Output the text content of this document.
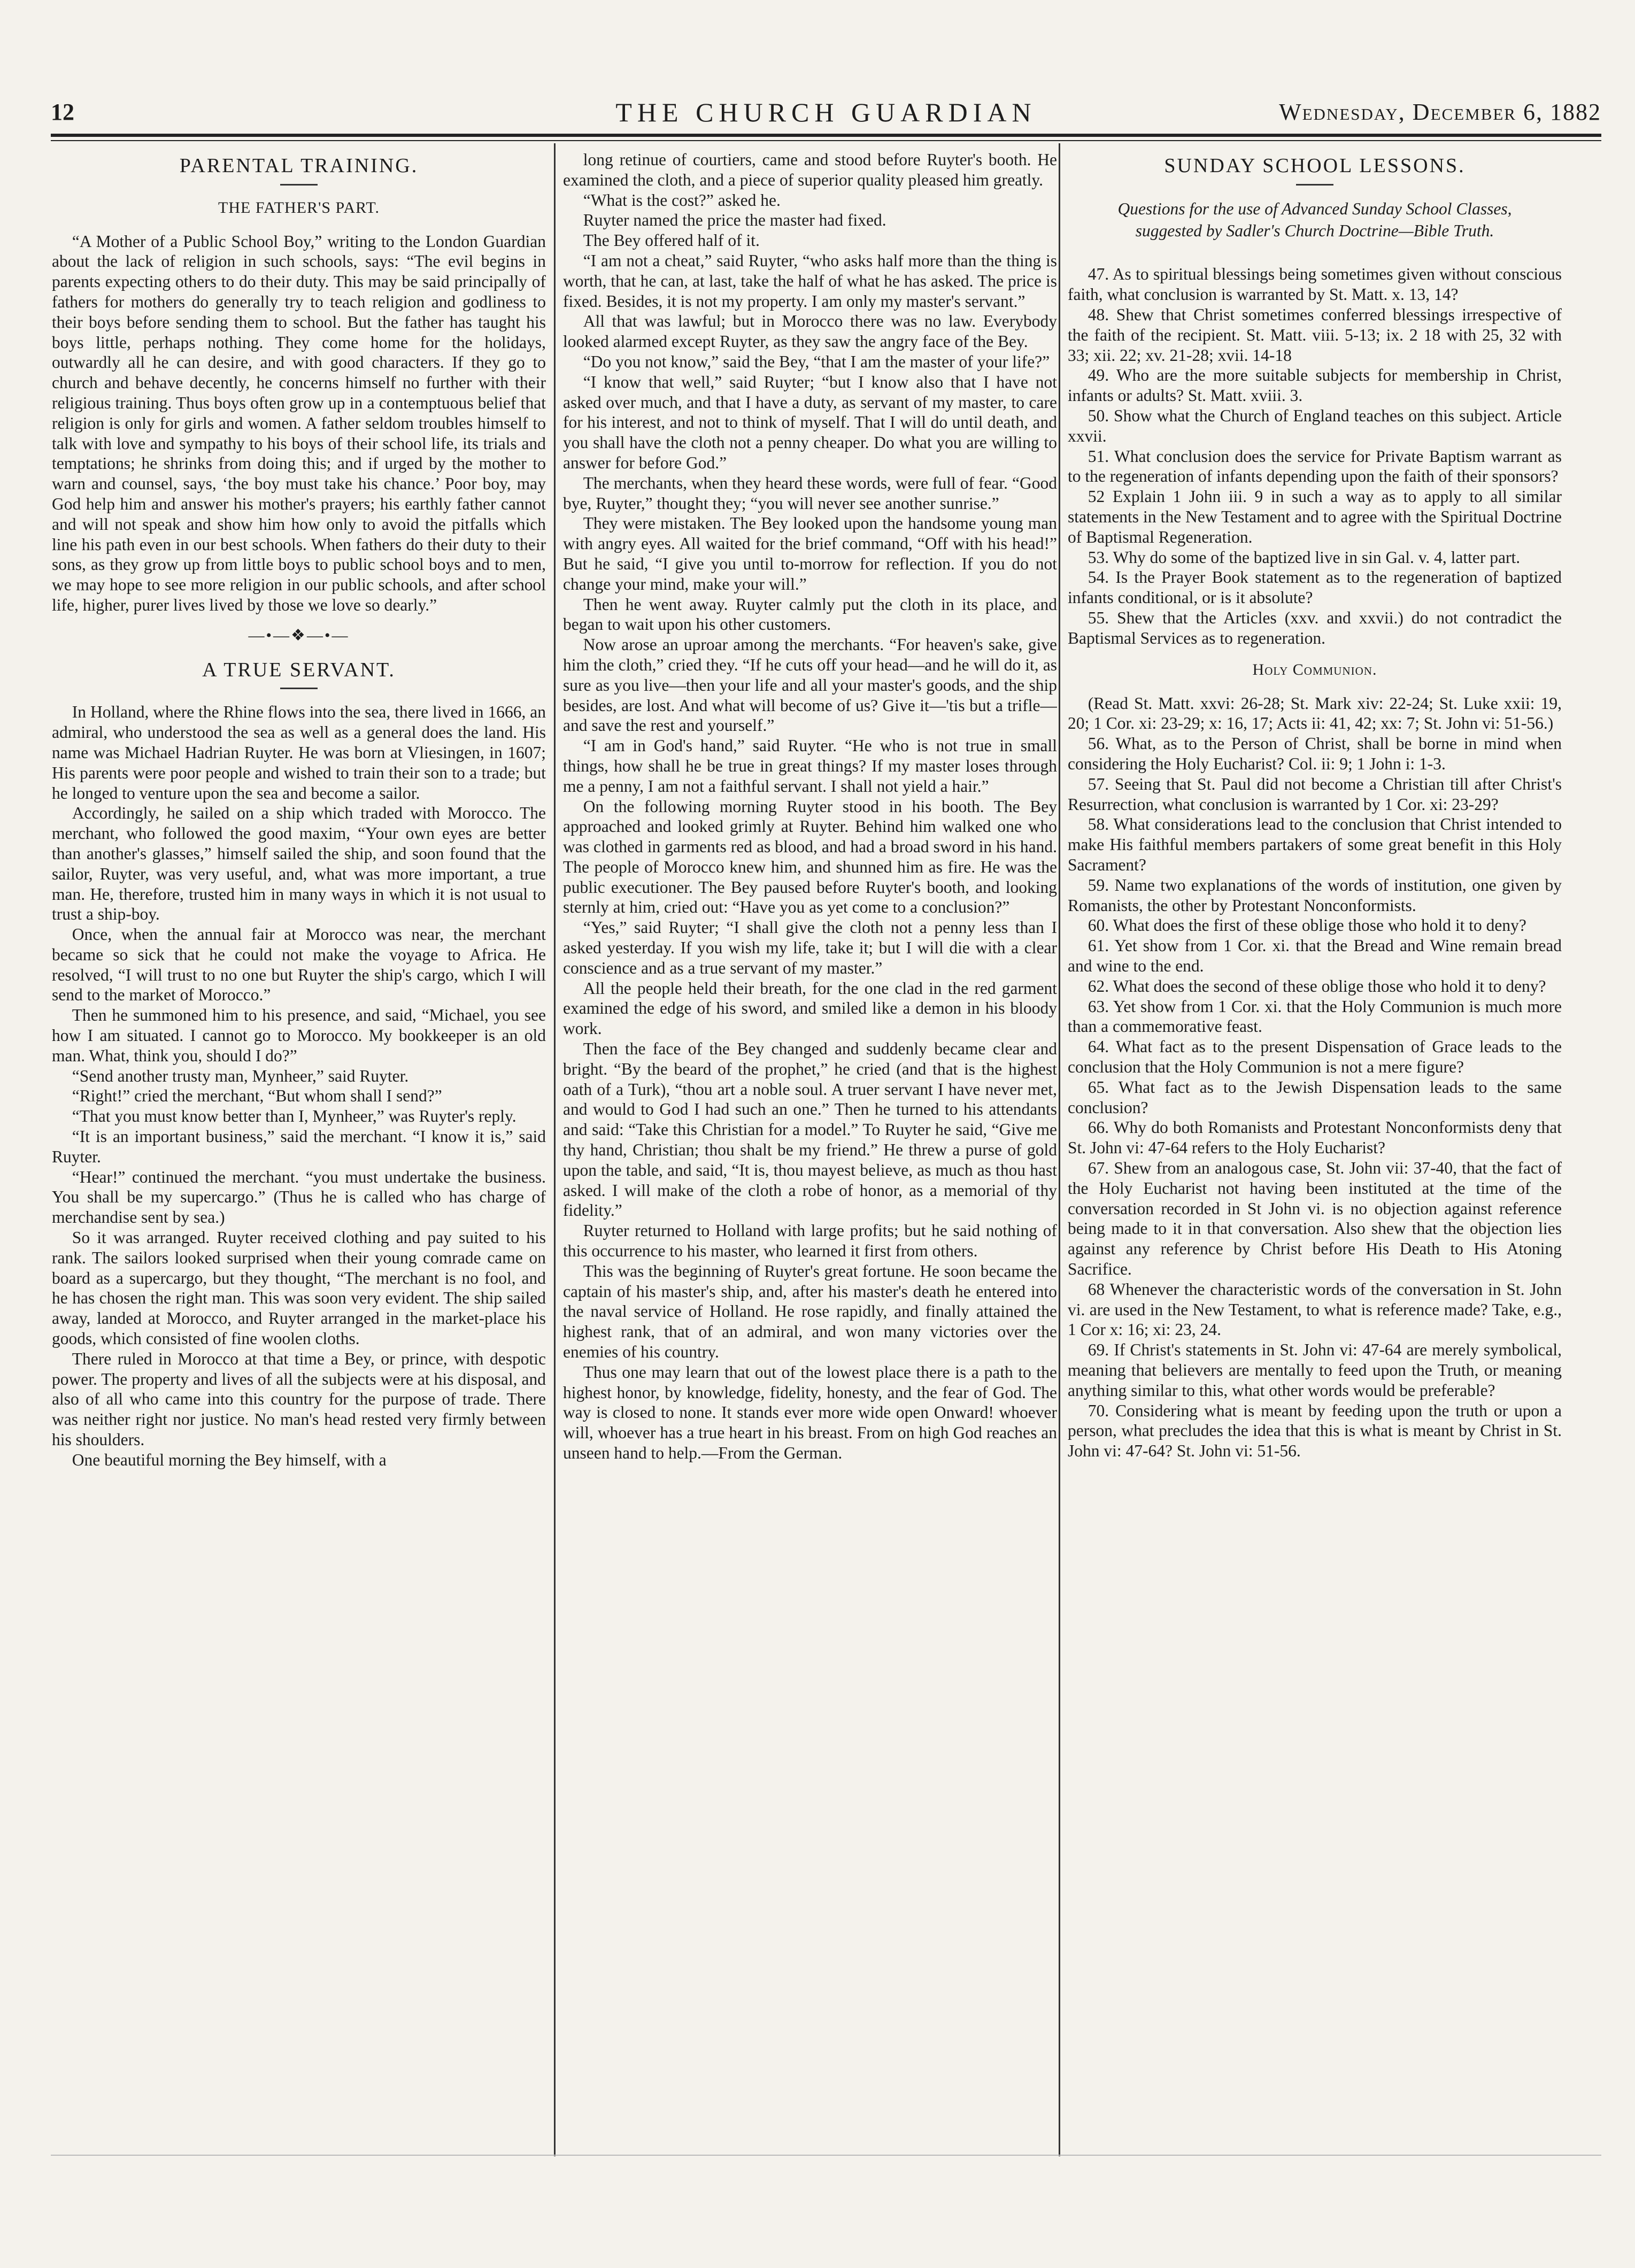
12	THE CHURCH GUARDIAN	Wednesday, December 6, 1882
PARENTAL TRAINING.
THE FATHER'S PART.

“A Mother of a Public School Boy,” writing to the London Guardian about the lack of religion in such schools, says: “The evil begins in parents expecting others to do their duty. This may be said principally of fathers for mothers do generally try to teach religion and godliness to their boys before sending them to school. But the father has taught his boys little, perhaps nothing. They come home for the holidays, outwardly all he can desire, and with good characters. If they go to church and behave decently, he concerns himself no further with their religious training. Thus boys often grow up in a contemptuous belief that religion is only for girls and women. A father seldom troubles himself to talk with love and sympathy to his boys of their school life, its trials and temptations; he shrinks from doing this; and if urged by the mother to warn and counsel, says, ‘the boy must take his chance.’ Poor boy, may God help him and answer his mother's prayers; his earthly father cannot and will not speak and show him how only to avoid the pitfalls which line his path even in our best schools. When fathers do their duty to their sons, as they grow up from little boys to public school boys and to men, we may hope to see more religion in our public schools, and after school life, higher, purer lives lived by those we love so dearly.”

—•—❖—•—
A TRUE SERVANT.

In Holland, where the Rhine flows into the sea, there lived in 1666, an admiral, who understood the sea as well as a general does the land. His name was Michael Hadrian Ruyter. He was born at Vliesingen, in 1607; His parents were poor people and wished to train their son to a trade; but he longed to venture upon the sea and become a sailor.

Accordingly, he sailed on a ship which traded with Morocco. The merchant, who followed the good maxim, “Your own eyes are better than another's glasses,” himself sailed the ship, and soon found that the sailor, Ruyter, was very useful, and, what was more important, a true man. He, therefore, trusted him in many ways in which it is not usual to trust a ship-boy.

Once, when the annual fair at Morocco was near, the merchant became so sick that he could not make the voyage to Africa. He resolved, “I will trust to no one but Ruyter the ship's cargo, which I will send to the market of Morocco.”

Then he summoned him to his presence, and said, “Michael, you see how I am situated. I cannot go to Morocco. My bookkeeper is an old man. What, think you, should I do?”

“Send another trusty man, Mynheer,” said Ruyter.

“Right!” cried the merchant, “But whom shall I send?”

“That you must know better than I, Mynheer,” was Ruyter's reply.

“It is an important business,” said the merchant. “I know it is,” said Ruyter.

“Hear!” continued the merchant. “you must undertake the business. You shall be my supercargo.” (Thus he is called who has charge of merchandise sent by sea.)

So it was arranged. Ruyter received clothing and pay suited to his rank. The sailors looked surprised when their young comrade came on board as a supercargo, but they thought, “The merchant is no fool, and he has chosen the right man. This was soon very evident. The ship sailed away, landed at Morocco, and Ruyter arranged in the market-place his goods, which consisted of fine woolen cloths.

There ruled in Morocco at that time a Bey, or prince, with despotic power. The property and lives of all the subjects were at his disposal, and also of all who came into this country for the purpose of trade. There was neither right nor justice. No man's head rested very firmly between his shoulders.

One beautiful morning the Bey himself, with a

long retinue of courtiers, came and stood before Ruyter's booth. He examined the cloth, and a piece of superior quality pleased him greatly.

“What is the cost?” asked he.

Ruyter named the price the master had fixed.

The Bey offered half of it.

“I am not a cheat,” said Ruyter, “who asks half more than the thing is worth, that he can, at last, take the half of what he has asked. The price is fixed. Besides, it is not my property. I am only my master's servant.”

All that was lawful; but in Morocco there was no law. Everybody looked alarmed except Ruyter, as they saw the angry face of the Bey.

“Do you not know,” said the Bey, “that I am the master of your life?”

“I know that well,” said Ruyter; “but I know also that I have not asked over much, and that I have a duty, as servant of my master, to care for his interest, and not to think of myself. That I will do until death, and you shall have the cloth not a penny cheaper. Do what you are willing to answer for before God.”

The merchants, when they heard these words, were full of fear. “Good bye, Ruyter,” thought they; “you will never see another sunrise.”

They were mistaken. The Bey looked upon the handsome young man with angry eyes. All waited for the brief command, “Off with his head!” But he said, “I give you until to-morrow for reflection. If you do not change your mind, make your will.”

Then he went away. Ruyter calmly put the cloth in its place, and began to wait upon his other customers.

Now arose an uproar among the merchants. “For heaven's sake, give him the cloth,” cried they. “If he cuts off your head—and he will do it, as sure as you live—then your life and all your master's goods, and the ship besides, are lost. And what will become of us? Give it—'tis but a trifle—and save the rest and yourself.”

“I am in God's hand,” said Ruyter. “He who is not true in small things, how shall he be true in great things? If my master loses through me a penny, I am not a faithful servant. I shall not yield a hair.”

On the following morning Ruyter stood in his booth. The Bey approached and looked grimly at Ruyter. Behind him walked one who was clothed in garments red as blood, and had a broad sword in his hand. The people of Morocco knew him, and shunned him as fire. He was the public executioner. The Bey paused before Ruyter's booth, and looking sternly at him, cried out: “Have you as yet come to a conclusion?”

“Yes,” said Ruyter; “I shall give the cloth not a penny less than I asked yesterday. If you wish my life, take it; but I will die with a clear conscience and as a true servant of my master.”

All the people held their breath, for the one clad in the red garment examined the edge of his sword, and smiled like a demon in his bloody work.

Then the face of the Bey changed and suddenly became clear and bright. “By the beard of the prophet,” he cried (and that is the highest oath of a Turk), “thou art a noble soul. A truer servant I have never met, and would to God I had such an one.” Then he turned to his attendants and said: “Take this Christian for a model.” To Ruyter he said, “Give me thy hand, Christian; thou shalt be my friend.” He threw a purse of gold upon the table, and said, “It is, thou mayest believe, as much as thou hast asked. I will make of the cloth a robe of honor, as a memorial of thy fidelity.”

Ruyter returned to Holland with large profits; but he said nothing of this occurrence to his master, who learned it first from others.

This was the beginning of Ruyter's great fortune. He soon became the captain of his master's ship, and, after his master's death he entered into the naval service of Holland. He rose rapidly, and finally attained the highest rank, that of an admiral, and won many victories over the enemies of his country.

Thus one may learn that out of the lowest place there is a path to the highest honor, by knowledge, fidelity, honesty, and the fear of God. The way is closed to none. It stands ever more wide open Onward! whoever will, whoever has a true heart in his breast. From on high God reaches an unseen hand to help.—From the German.

SUNDAY SCHOOL LESSONS.
Questions for the use of Advanced Sunday School Classes, suggested by Sadler's Church Doctrine—Bible Truth.

47. As to spiritual blessings being sometimes given without conscious faith, what conclusion is warranted by St. Matt. x. 13, 14?

48. Shew that Christ sometimes conferred blessings irrespective of the faith of the recipient. St. Matt. viii. 5-13; ix. 2 18 with 25, 32 with 33; xii. 22; xv. 21-28; xvii. 14-18

49. Who are the more suitable subjects for membership in Christ, infants or adults? St. Matt. xviii. 3.

50. Show what the Church of England teaches on this subject. Article xxvii.

51. What conclusion does the service for Private Baptism warrant as to the regeneration of infants depending upon the faith of their sponsors?

52 Explain 1 John iii. 9 in such a way as to apply to all similar statements in the New Testament and to agree with the Spiritual Doctrine of Baptismal Regeneration.

53. Why do some of the baptized live in sin Gal. v. 4, latter part.

54. Is the Prayer Book statement as to the regeneration of baptized infants conditional, or is it absolute?

55. Shew that the Articles (xxv. and xxvii.) do not contradict the Baptismal Services as to regeneration.

Holy Communion.

(Read St. Matt. xxvi: 26-28; St. Mark xiv: 22-24; St. Luke xxii: 19, 20; 1 Cor. xi: 23-29; x: 16, 17; Acts ii: 41, 42; xx: 7; St. John vi: 51-56.)

56. What, as to the Person of Christ, shall be borne in mind when considering the Holy Eucharist? Col. ii: 9; 1 John i: 1-3.

57. Seeing that St. Paul did not become a Christian till after Christ's Resurrection, what conclusion is warranted by 1 Cor. xi: 23-29?

58. What considerations lead to the conclusion that Christ intended to make His faithful members partakers of some great benefit in this Holy Sacrament?

59. Name two explanations of the words of institution, one given by Romanists, the other by Protestant Nonconformists.

60. What does the first of these oblige those who hold it to deny?

61. Yet show from 1 Cor. xi. that the Bread and Wine remain bread and wine to the end.

62. What does the second of these oblige those who hold it to deny?

63. Yet show from 1 Cor. xi. that the Holy Communion is much more than a commemorative feast.

64. What fact as to the present Dispensation of Grace leads to the conclusion that the Holy Communion is not a mere figure?

65. What fact as to the Jewish Dispensation leads to the same conclusion?

66. Why do both Romanists and Protestant Nonconformists deny that St. John vi: 47-64 refers to the Holy Eucharist?

67. Shew from an analogous case, St. John vii: 37-40, that the fact of the Holy Eucharist not having been instituted at the time of the conversation recorded in St John vi. is no objection against reference being made to it in that conversation. Also shew that the objection lies against any reference by Christ before His Death to His Atoning Sacrifice.

68 Whenever the characteristic words of the conversation in St. John vi. are used in the New Testament, to what is reference made? Take, e.g., 1 Cor x: 16; xi: 23, 24.

69. If Christ's statements in St. John vi: 47-64 are merely symbolical, meaning that believers are mentally to feed upon the Truth, or meaning anything similar to this, what other words would be preferable?

70. Considering what is meant by feeding upon the truth or upon a person, what precludes the idea that this is what is meant by Christ in St. John vi: 47-64? St. John vi: 51-56.
